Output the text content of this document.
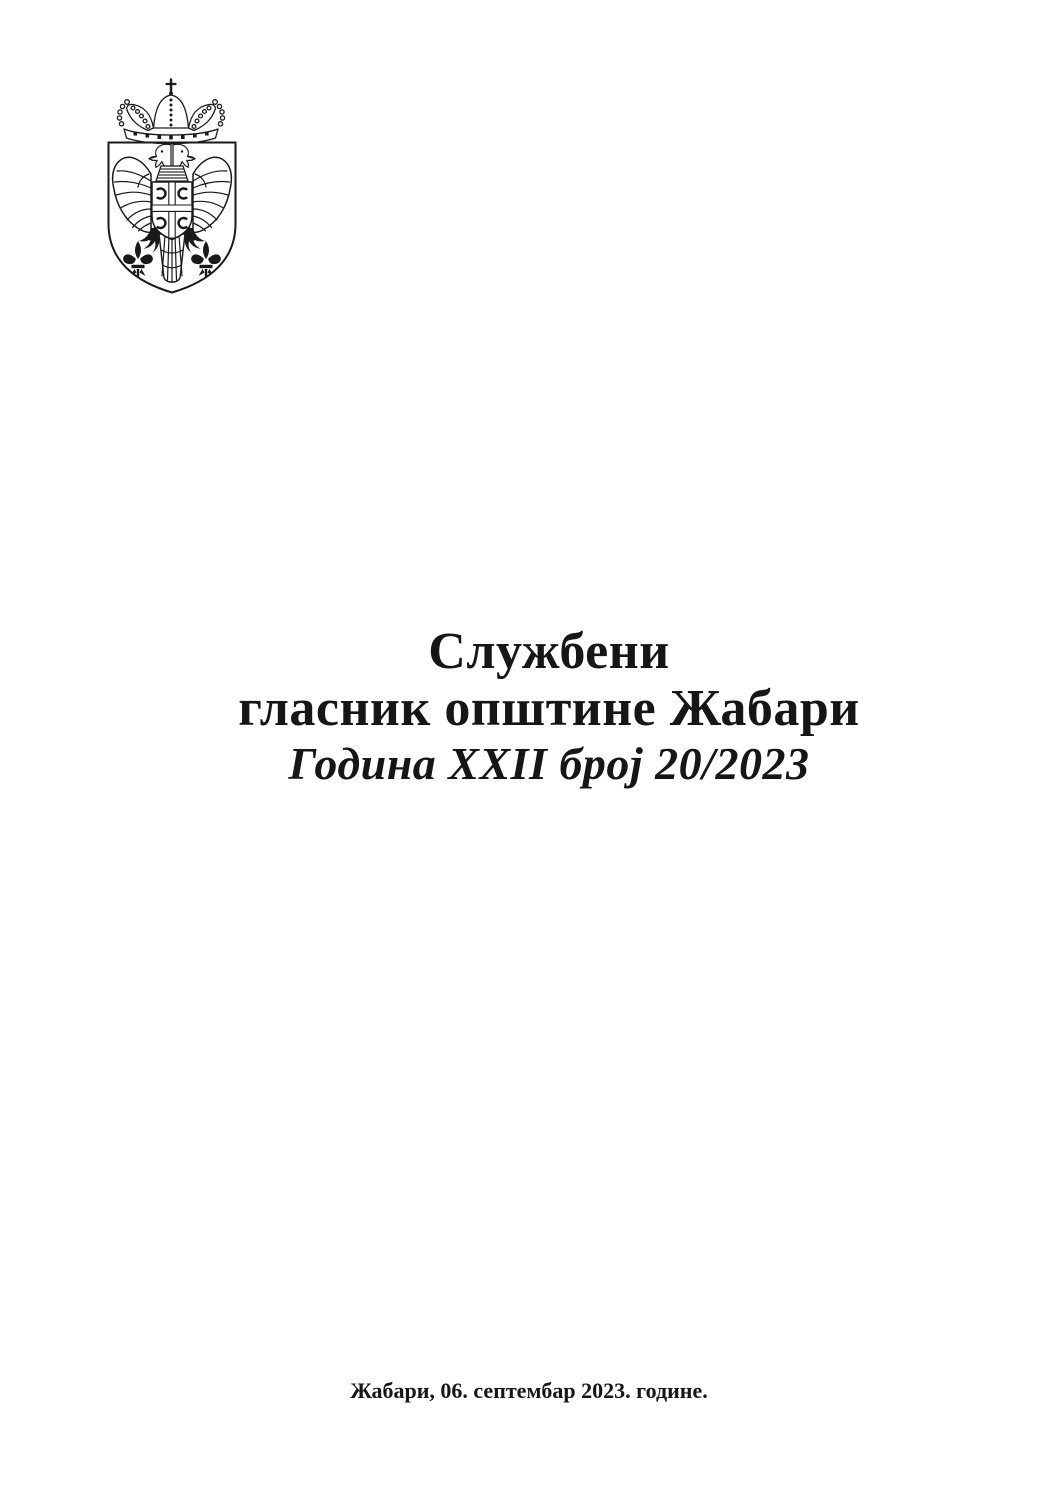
Службени
гласник општине Жабари
Година XXII број 20/2023
Жабари, 06. септембар 2023. године.
